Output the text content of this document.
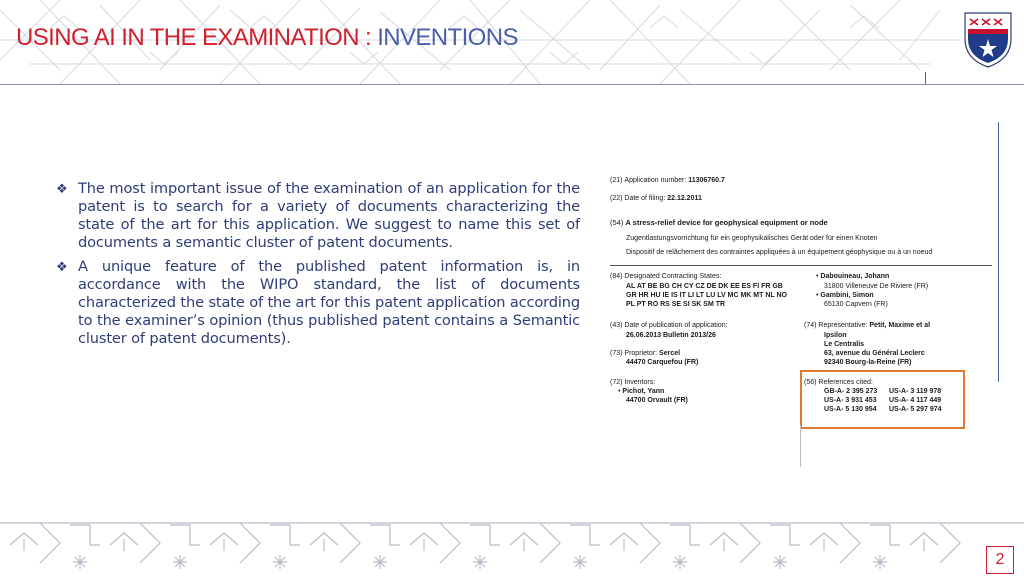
USING AI IN THE EXAMINATION : INVENTIONS
❖ The most important issue of the examination of an application for the patent is to search for a variety of documents characterizing the state of the art for this application. We suggest to name this set of documents a semantic cluster of patent documents.
❖ A unique feature of the published patent information is, in accordance with the WIPO standard, the list of documents characterized the state of the art for this patent application according to the examiner’s opinion (thus published patent contains a Semantic cluster of patent documents).
(21) Application number: 11306760.7
(22) Date of filing: 22.12.2011
(54) A stress-relief device for geophysical equipment or node
Zugentlastungsvorrichtung für ein geophysikalisches Gerät oder für einen Knoten
Dispositif de relâchement des contraintes appliquées à un équipement géophysique ou à un noeud
(84) Designated Contracting States:
AL AT BE BG CH CY CZ DE DK EE ES FI FR GB
GR HR HU IE IS IT LI LT LU LV MC MK MT NL NO
PL PT RO RS SE SI SK SM TR
• Dabouineau, Johann
31800 Villeneuve De Riviere (FR)
• Gambini, Simon
65130 Capvern (FR)
(43) Date of publication of application:
26.06.2013 Bulletin 2013/26
(74) Representative: Petit, Maxime et al
Ipsilon
Le Centralis
63, avenue du Général Leclerc
92340 Bourg-la-Reine (FR)
(73) Proprietor: Sercel
44470 Carquefou (FR)
(72) Inventors:
• Pichot, Yann
44700 Orvault (FR)
(56) References cited:
GB-A- 2 395 273 US-A- 3 119 978
US-A- 3 931 453 US-A- 4 117 449
US-A- 5 130 954 US-A- 5 297 974
2
